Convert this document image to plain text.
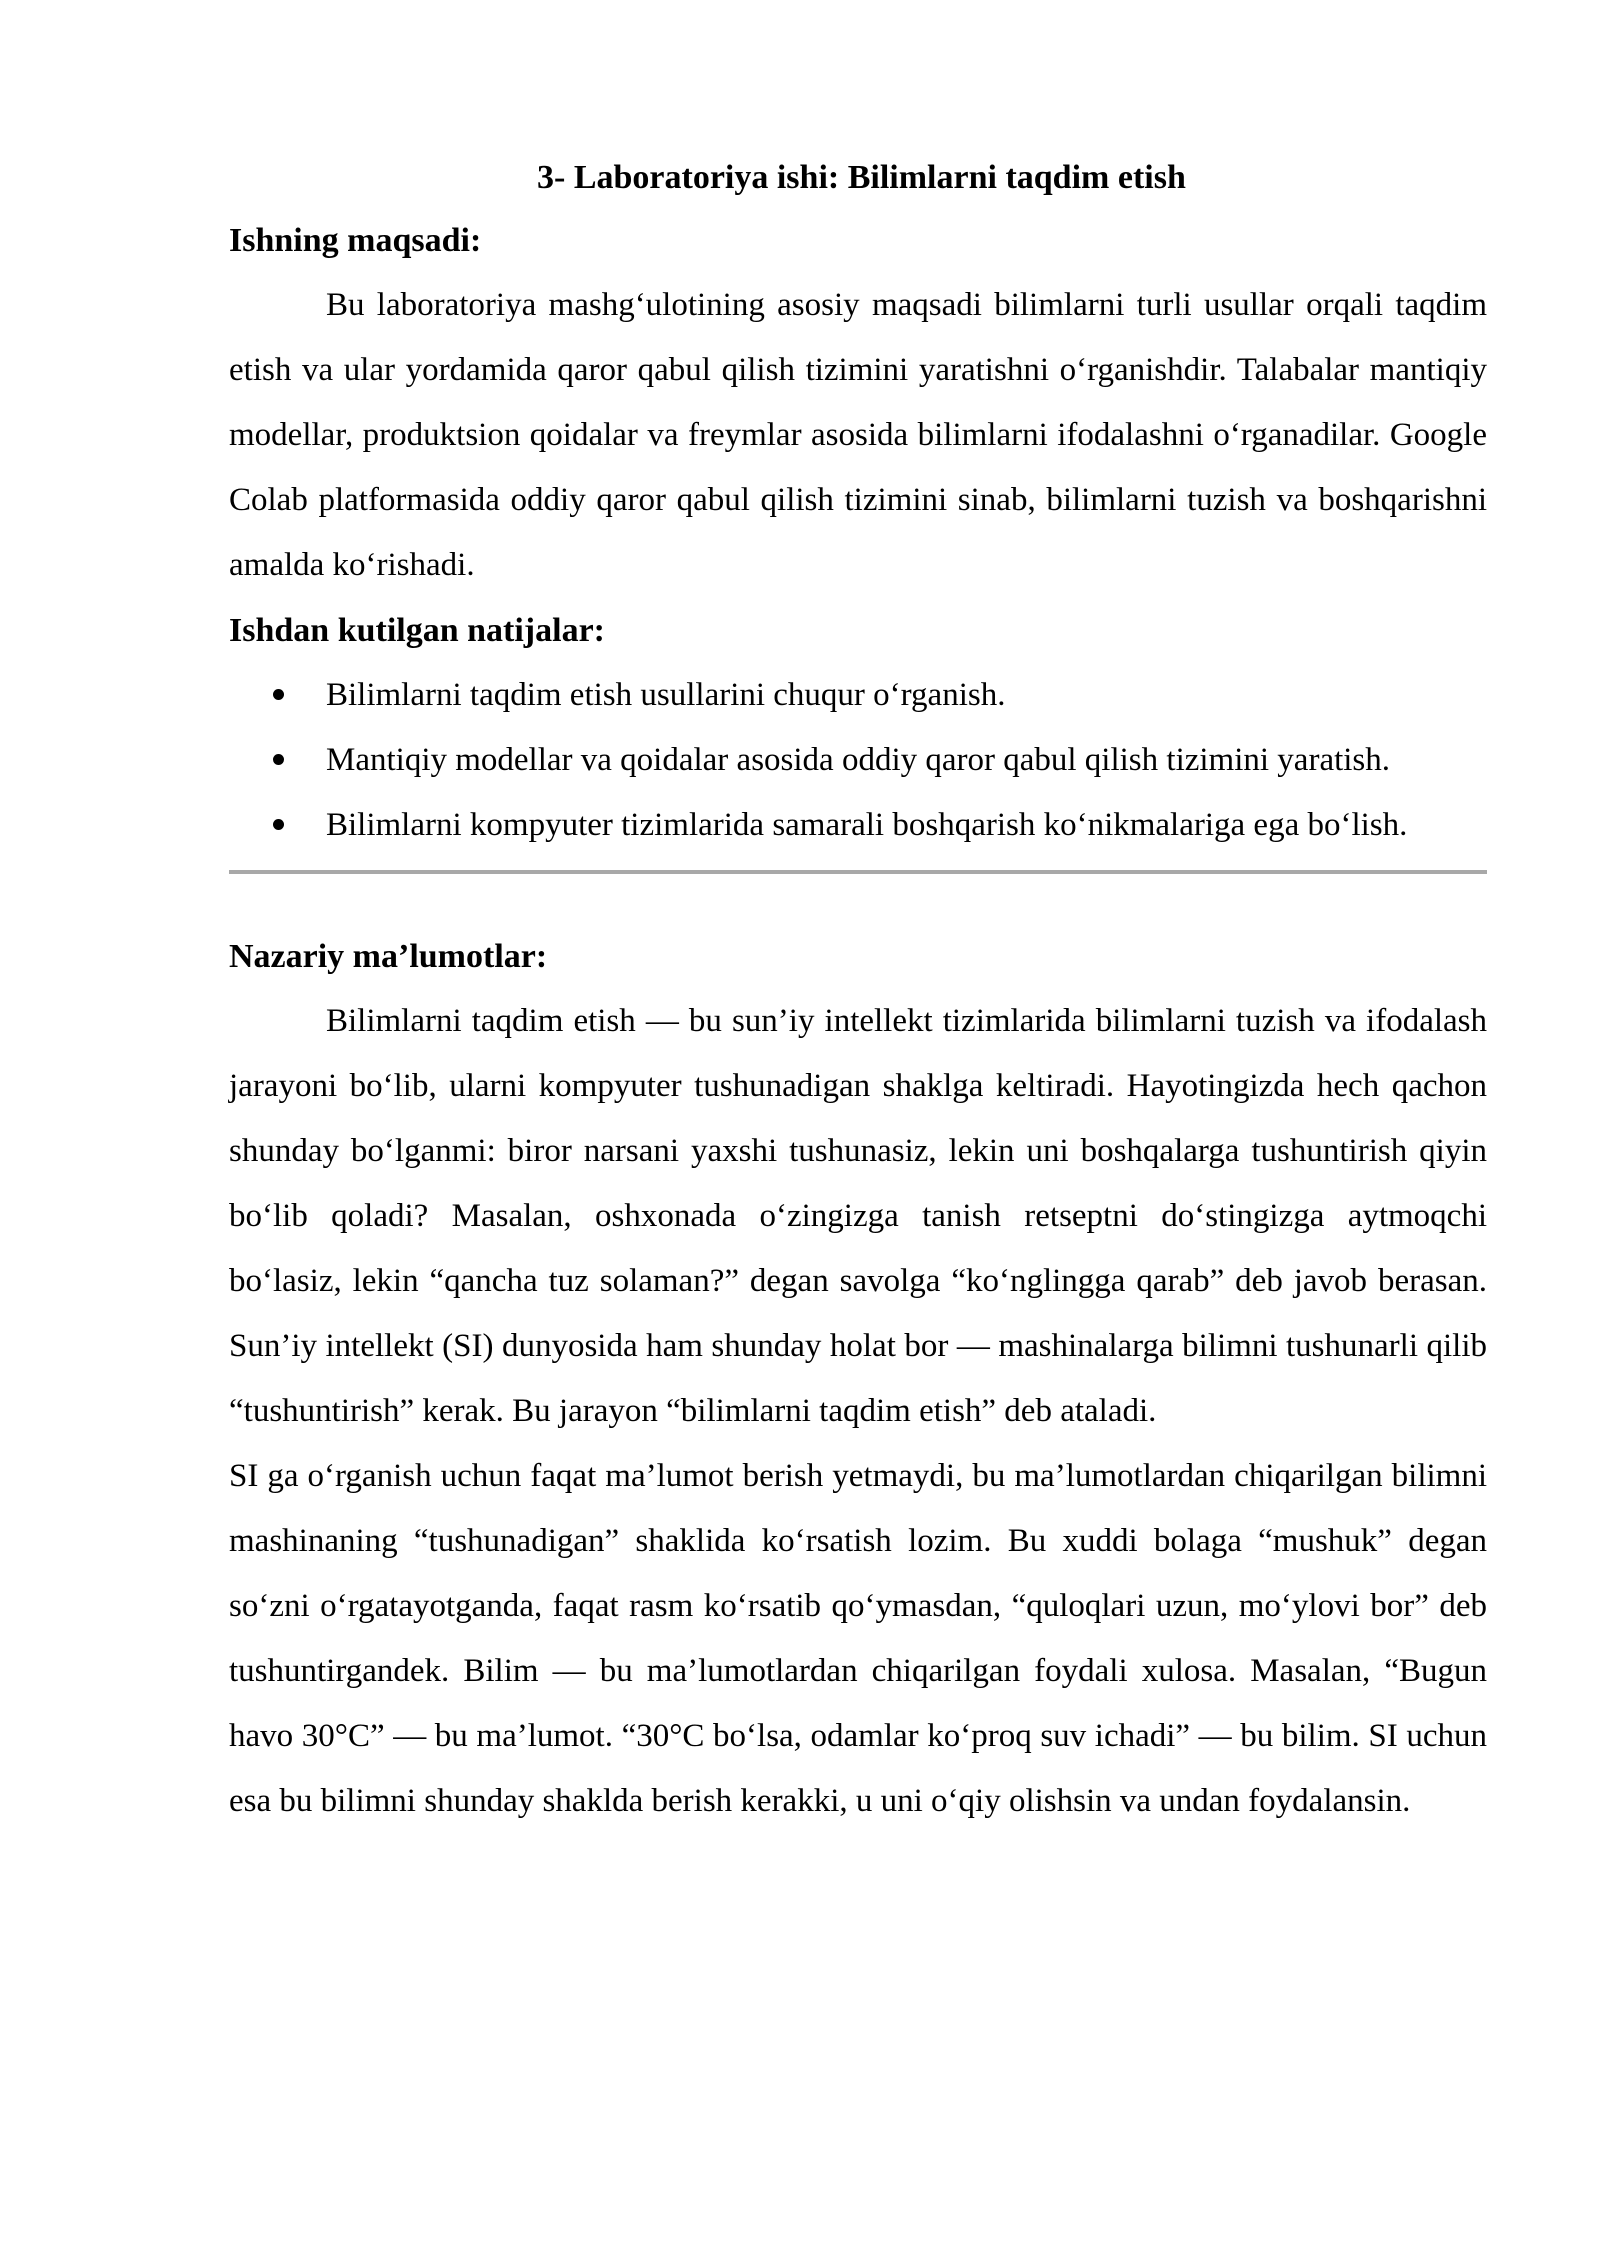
3- Laboratoriya ishi: Bilimlarni taqdim etish

Ishning maqsadi:

Bu laboratoriya mashg‘ulotining asosiy maqsadi bilimlarni turli usullar orqali taqdim etish va ular yordamida qaror qabul qilish tizimini yaratishni o‘rganishdir. Talabalar mantiqiy modellar, produktsion qoidalar va freymlar asosida bilimlarni ifodalashni o‘rganadilar. Google Colab platformasida oddiy qaror qabul qilish tizimini sinab, bilimlarni tuzish va boshqarishni amalda ko‘rishadi.

Ishdan kutilgan natijalar:

Bilimlarni taqdim etish usullarini chuqur o‘rganish.
Mantiqiy modellar va qoidalar asosida oddiy qaror qabul qilish tizimini yaratish.
Bilimlarni kompyuter tizimlarida samarali boshqarish ko‘nikmalariga ega bo‘lish.

Nazariy ma’lumotlar:

Bilimlarni taqdim etish — bu sun’iy intellekt tizimlarida bilimlarni tuzish va ifodalash jarayoni bo‘lib, ularni kompyuter tushunadigan shaklga keltiradi. Hayotingizda hech qachon shunday bo‘lganmi: biror narsani yaxshi tushunasiz, lekin uni boshqalarga tushuntirish qiyin bo‘lib qoladi? Masalan, oshxonada o‘zingizga tanish retseptni do‘stingizga aytmoqchi bo‘lasiz, lekin “qancha tuz solaman?” degan savolga “ko‘nglingga qarab” deb javob berasan. Sun’iy intellekt (SI) dunyosida ham shunday holat bor — mashinalarga bilimni tushunarli qilib “tushuntirish” kerak. Bu jarayon “bilimlarni taqdim etish” deb ataladi.

SI ga o‘rganish uchun faqat ma’lumot berish yetmaydi, bu ma’lumotlardan chiqarilgan bilimni mashinaning “tushunadigan” shaklida ko‘rsatish lozim. Bu xuddi bolaga “mushuk” degan so‘zni o‘rgatayotganda, faqat rasm ko‘rsatib qo‘ymasdan, “quloqlari uzun, mo‘ylovi bor” deb tushuntirgandek. Bilim — bu ma’lumotlardan chiqarilgan foydali xulosa. Masalan, “Bugun havo 30°C” — bu ma’lumot. “30°C bo‘lsa, odamlar ko‘proq suv ichadi” — bu bilim. SI uchun esa bu bilimni shunday shaklda berish kerakki, u uni o‘qiy olishsin va undan foydalansin.
